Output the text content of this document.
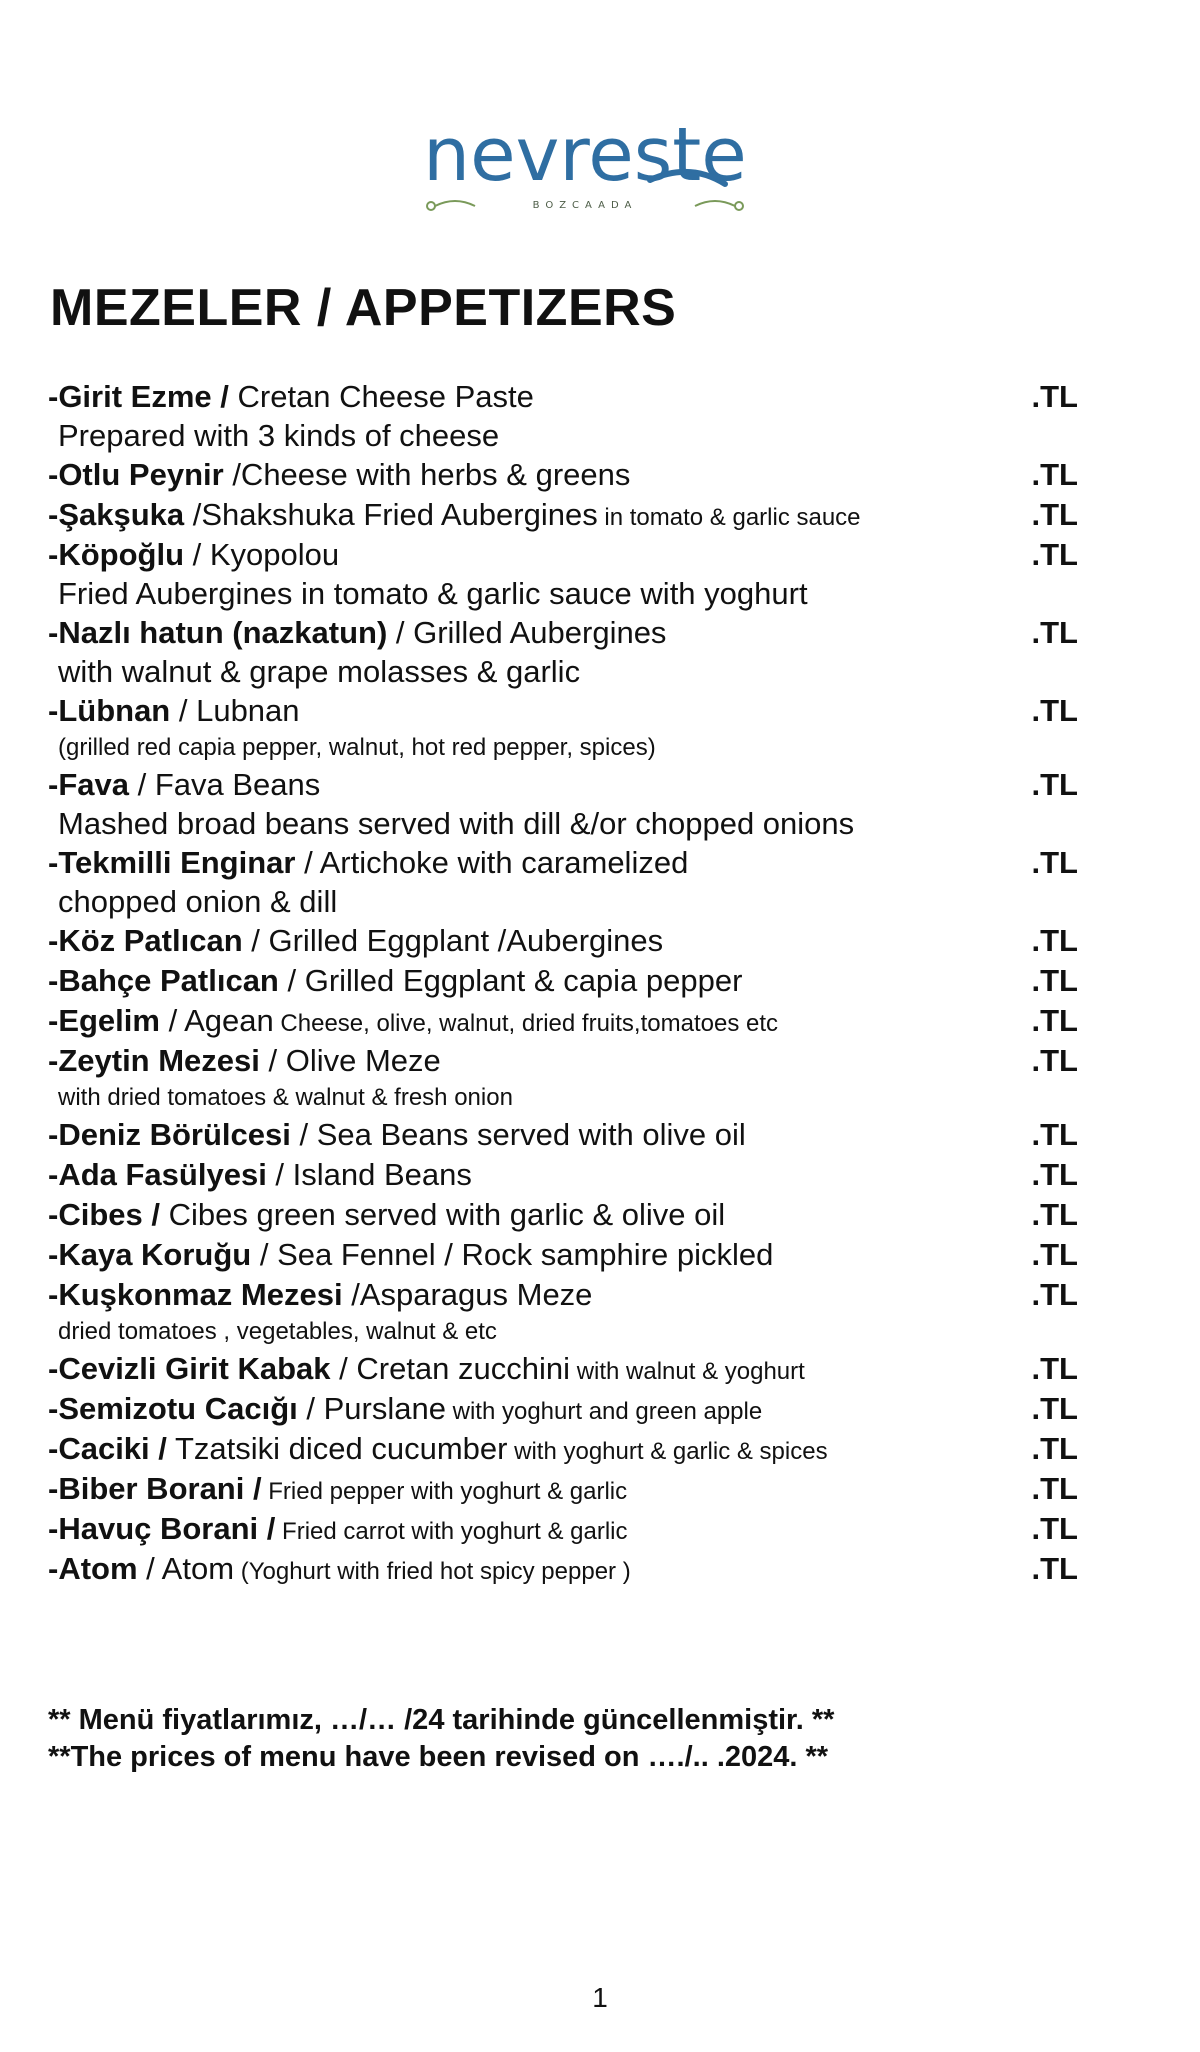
nevreste
BOZCAADA
MEZELER / APPETIZERS
-Girit Ezme / Cretan Cheese Paste	.TL
Prepared with 3 kinds of cheese
-Otlu Peynir /Cheese with herbs & greens	.TL
-Şakşuka /Shakshuka Fried Aubergines in tomato & garlic sauce	.TL
-Köpoğlu / Kyopolou	.TL
Fried Aubergines in tomato & garlic sauce with yoghurt
-Nazlı hatun (nazkatun) / Grilled Aubergines	.TL
with walnut & grape molasses & garlic
-Lübnan / Lubnan	.TL
(grilled red capia pepper, walnut, hot red pepper, spices)
-Fava / Fava Beans	.TL
Mashed broad beans served with dill &/or chopped onions
-Tekmilli Enginar / Artichoke with caramelized	.TL
chopped onion & dill
-Köz Patlıcan / Grilled Eggplant /Aubergines	.TL
-Bahçe Patlıcan / Grilled Eggplant & capia pepper	.TL
-Egelim / Agean Cheese, olive, walnut, dried fruits,tomatoes etc	.TL
-Zeytin Mezesi / Olive Meze	.TL
with dried tomatoes & walnut & fresh onion
-Deniz Börülcesi / Sea Beans served with olive oil	.TL
-Ada Fasülyesi / Island Beans	.TL
-Cibes / Cibes green served with garlic & olive oil	.TL
-Kaya Koruğu / Sea Fennel / Rock samphire pickled	.TL
-Kuşkonmaz Mezesi /Asparagus Meze	.TL
dried tomatoes , vegetables, walnut & etc
-Cevizli Girit Kabak / Cretan zucchini with walnut & yoghurt	.TL
-Semizotu Cacığı / Purslane with yoghurt and green apple	.TL
-Caciki / Tzatsiki diced cucumber with yoghurt & garlic & spices	.TL
-Biber Borani / Fried pepper with yoghurt & garlic	.TL
-Havuç Borani / Fried carrot with yoghurt & garlic	.TL
-Atom / Atom (Yoghurt with fried hot spicy pepper )	.TL
** Menü fiyatlarımız, …/… /24 tarihinde güncellenmiştir. **
**The prices of menu have been revised on …./.. .2024. **
1
